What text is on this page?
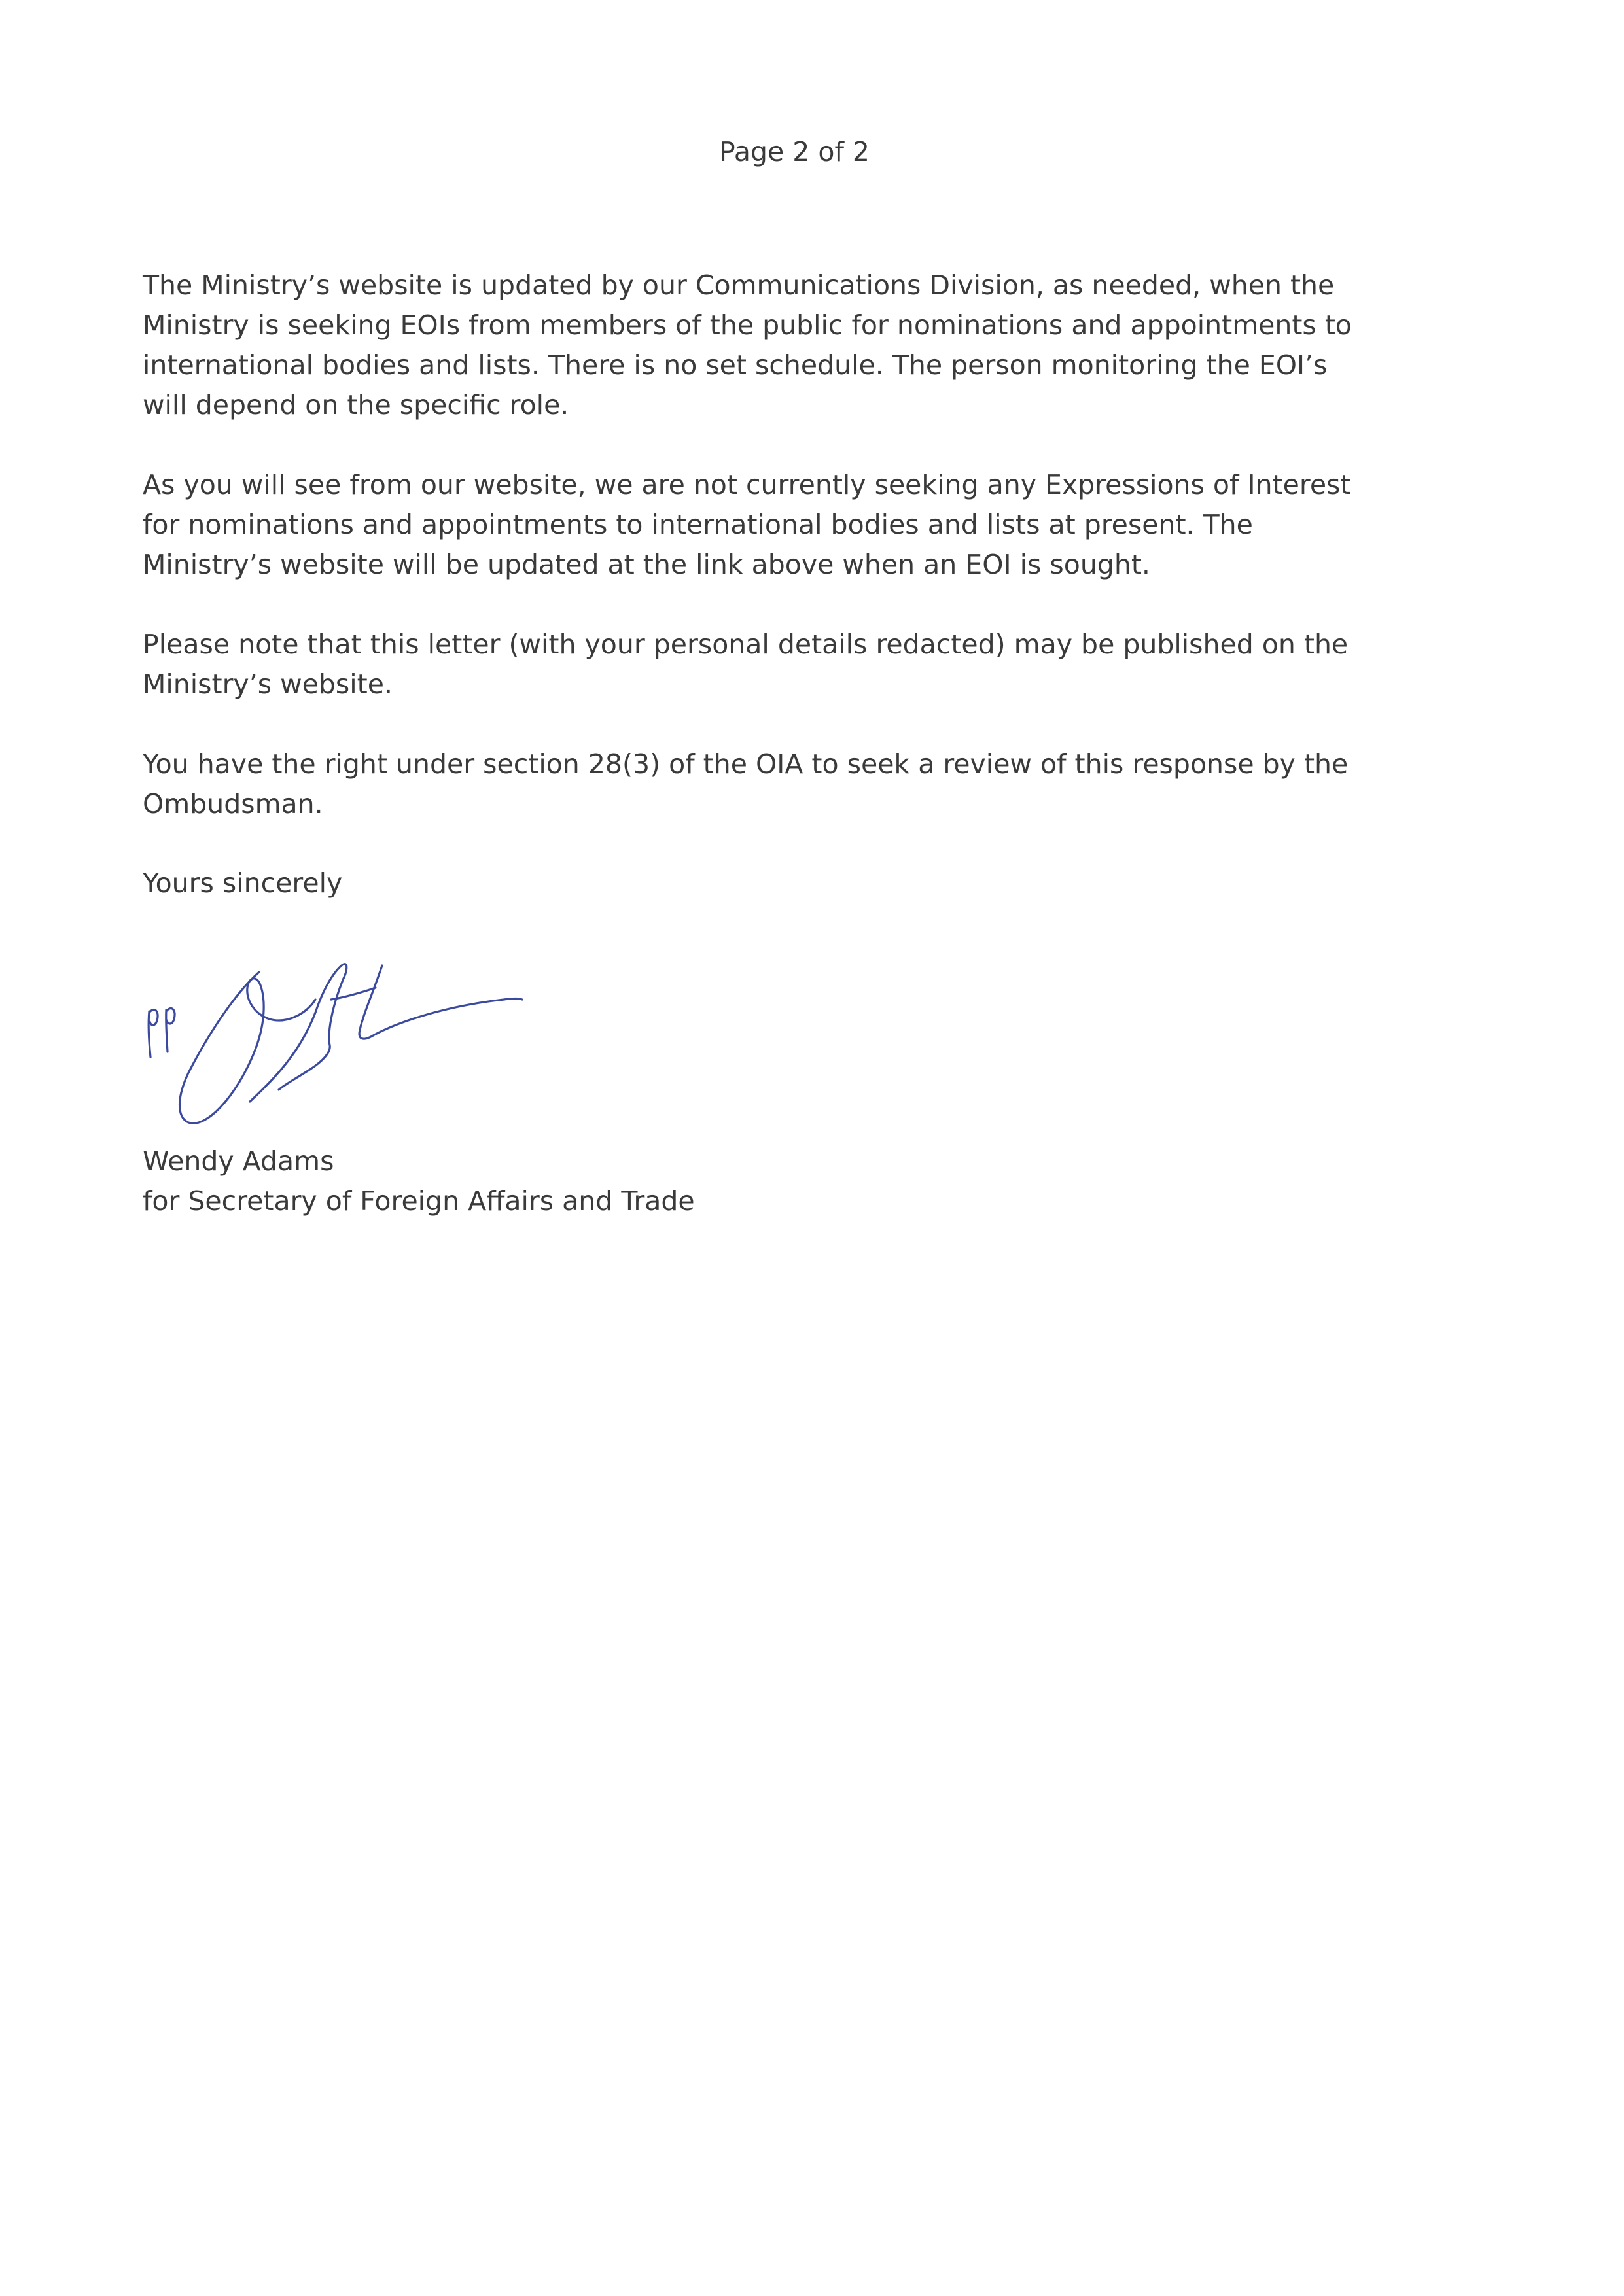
Page 2 of 2

The Ministry’s website is updated by our Communications Division, as needed, when the
Ministry is seeking EOIs from members of the public for nominations and appointments to
international bodies and lists. There is no set schedule. The person monitoring the EOI’s
will depend on the specific role.

As you will see from our website, we are not currently seeking any Expressions of Interest
for nominations and appointments to international bodies and lists at present. The
Ministry’s website will be updated at the link above when an EOI is sought.

Please note that this letter (with your personal details redacted) may be published on the
Ministry’s website.

You have the right under section 28(3) of the OIA to seek a review of this response by the
Ombudsman.

Yours sincerely
Wendy Adams
for Secretary of Foreign Affairs and Trade
